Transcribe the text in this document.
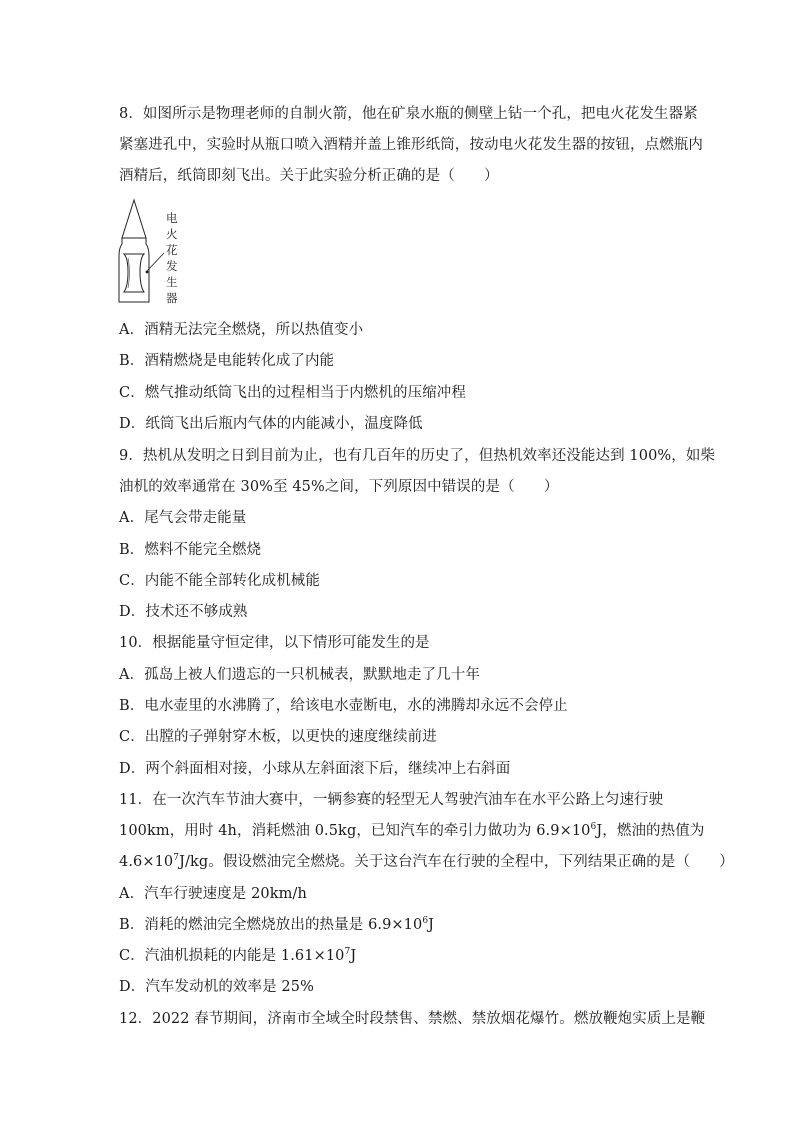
8．如图所示是物理老师的自制火箭，他在矿泉水瓶的侧壁上钻一个孔，把电火花发生器紧
紧塞进孔中，实验时从瓶口喷入酒精并盖上锥形纸筒，按动电火花发生器的按钮，点燃瓶内
酒精后，纸筒即刻飞出。关于此实验分析正确的是（　　）
电
火
花
发
生
器
A．酒精无法完全燃烧，所以热值变小
B．酒精燃烧是电能转化成了内能
C．燃气推动纸筒飞出的过程相当于内燃机的压缩冲程
D．纸筒飞出后瓶内气体的内能减小，温度降低
9．热机从发明之日到目前为止，也有几百年的历史了，但热机效率还没能达到 100%，如柴
油机的效率通常在 30%至 45%之间，下列原因中错误的是（　　）
A．尾气会带走能量
B．燃料不能完全燃烧
C．内能不能全部转化成机械能
D．技术还不够成熟
10．根据能量守恒定律，以下情形可能发生的是
A．孤岛上被人们遗忘的一只机械表，默默地走了几十年
B．电水壶里的水沸腾了，给该电水壶断电，水的沸腾却永远不会停止
C．出膛的子弹射穿木板，以更快的速度继续前进
D．两个斜面相对接，小球从左斜面滚下后，继续冲上右斜面
11．在一次汽车节油大赛中，一辆参赛的轻型无人驾驶汽油车在水平公路上匀速行驶
100km，用时 4h，消耗燃油 0.5kg，已知汽车的牵引力做功为 $6.9\times 10^6J$，燃油的热值为
$4.6\times 10^7J/kg$。假设燃油完全燃烧。关于这台汽车在行驶的全程中，下列结果正确的是（　　）
A．汽车行驶速度是 20km/h
B．消耗的燃油完全燃烧放出的热量是 $6.9\times 10^6J$
C．汽油机损耗的内能是 $1.61\times 10^7J$
D．汽车发动机的效率是 25%
12．2022 春节期间，济南市全域全时段禁售、禁燃、禁放烟花爆竹。燃放鞭炮实质上是鞭
